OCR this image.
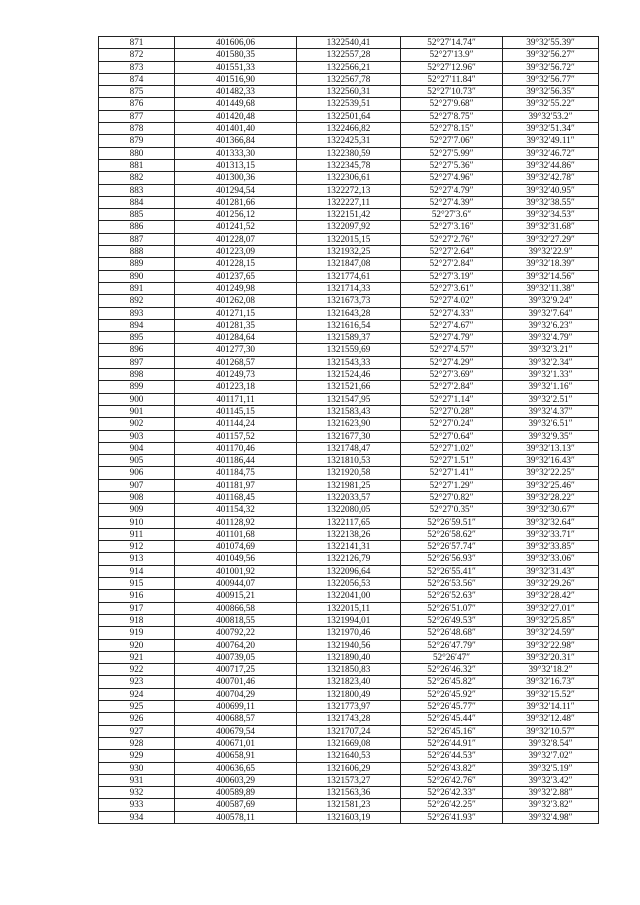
871	401606,06	1322540,41	52°27′14.74″	39°32′55.39″
872	401580,35	1322557,28	52°27′13.9″	39°32′56.27″
873	401551,33	1322566,21	52°27′12.96″	39°32′56.72″
874	401516,90	1322567,78	52°27′11.84″	39°32′56.77″
875	401482,33	1322560,31	52°27′10.73″	39°32′56.35″
876	401449,68	1322539,51	52°27′9.68″	39°32′55.22″
877	401420,48	1322501,64	52°27′8.75″	39°32′53.2″
878	401401,40	1322466,82	52°27′8.15″	39°32′51.34″
879	401366,84	1322425,31	52°27′7.06″	39°32′49.11″
880	401333,30	1322380,59	52°27′5.99″	39°32′46.72″
881	401313,15	1322345,78	52°27′5.36″	39°32′44.86″
882	401300,36	1322306,61	52°27′4.96″	39°32′42.78″
883	401294,54	1322272,13	52°27′4.79″	39°32′40.95″
884	401281,66	1322227,11	52°27′4.39″	39°32′38.55″
885	401256,12	1322151,42	52°27′3.6″	39°32′34.53″
886	401241,52	1322097,92	52°27′3.16″	39°32′31.68″
887	401228,07	1322015,15	52°27′2.76″	39°32′27.29″
888	401223,09	1321932,25	52°27′2.64″	39°32′22.9″
889	401228,15	1321847,08	52°27′2.84″	39°32′18.39″
890	401237,65	1321774,61	52°27′3.19″	39°32′14.56″
891	401249,98	1321714,33	52°27′3.61″	39°32′11.38″
892	401262,08	1321673,73	52°27′4.02″	39°32′9.24″
893	401271,15	1321643,28	52°27′4.33″	39°32′7.64″
894	401281,35	1321616,54	52°27′4.67″	39°32′6.23″
895	401284,64	1321589,37	52°27′4.79″	39°32′4.79″
896	401277,30	1321559,69	52°27′4.57″	39°32′3.21″
897	401268,57	1321543,33	52°27′4.29″	39°32′2.34″
898	401249,73	1321524,46	52°27′3.69″	39°32′1.33″
899	401223,18	1321521,66	52°27′2.84″	39°32′1.16″
900	401171,11	1321547,95	52°27′1.14″	39°32′2.51″
901	401145,15	1321583,43	52°27′0.28″	39°32′4.37″
902	401144,24	1321623,90	52°27′0.24″	39°32′6.51″
903	401157,52	1321677,30	52°27′0.64″	39°32′9.35″
904	401170,46	1321748,47	52°27′1.02″	39°32′13.13″
905	401186,44	1321810,53	52°27′1.51″	39°32′16.43″
906	401184,75	1321920,58	52°27′1.41″	39°32′22.25″
907	401181,97	1321981,25	52°27′1.29″	39°32′25.46″
908	401168,45	1322033,57	52°27′0.82″	39°32′28.22″
909	401154,32	1322080,05	52°27′0.35″	39°32′30.67″
910	401128,92	1322117,65	52°26′59.51″	39°32′32.64″
911	401101,68	1322138,26	52°26′58.62″	39°32′33.71″
912	401074,69	1322141,31	52°26′57.74″	39°32′33.85″
913	401049,56	1322126,79	52°26′56.93″	39°32′33.06″
914	401001,92	1322096,64	52°26′55.41″	39°32′31.43″
915	400944,07	1322056,53	52°26′53.56″	39°32′29.26″
916	400915,21	1322041,00	52°26′52.63″	39°32′28.42″
917	400866,58	1322015,11	52°26′51.07″	39°32′27.01″
918	400818,55	1321994,01	52°26′49.53″	39°32′25.85″
919	400792,22	1321970,46	52°26′48.68″	39°32′24.59″
920	400764,20	1321940,56	52°26′47.79″	39°32′22.98″
921	400739,05	1321890,40	52°26′47″	39°32′20.31″
922	400717,25	1321850,83	52°26′46.32″	39°32′18.2″
923	400701,46	1321823,40	52°26′45.82″	39°32′16.73″
924	400704,29	1321800,49	52°26′45.92″	39°32′15.52″
925	400699,11	1321773,97	52°26′45.77″	39°32′14.11″
926	400688,57	1321743,28	52°26′45.44″	39°32′12.48″
927	400679,54	1321707,24	52°26′45.16″	39°32′10.57″
928	400671,01	1321669,08	52°26′44.91″	39°32′8.54″
929	400658,91	1321640,53	52°26′44.53″	39°32′7.02″
930	400636,65	1321606,29	52°26′43.82″	39°32′5.19″
931	400603,29	1321573,27	52°26′42.76″	39°32′3.42″
932	400589,89	1321563,36	52°26′42.33″	39°32′2.88″
933	400587,69	1321581,23	52°26′42.25″	39°32′3.82″
934	400578,11	1321603,19	52°26′41.93″	39°32′4.98″
